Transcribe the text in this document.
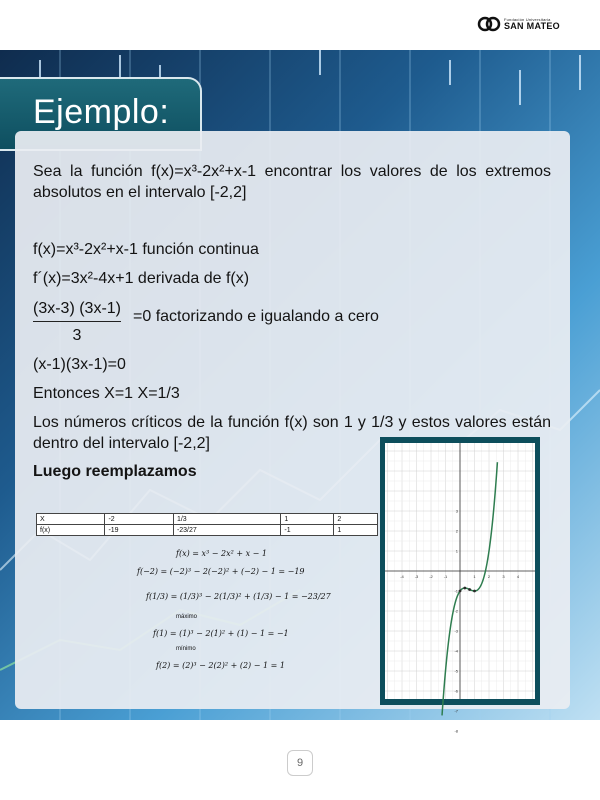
Fundación Universitaria
SAN MATEO
Ejemplo:
Sea la función f(x)=x³-2x²+x-1 encontrar los valores de los extremos absolutos en el intervalo [-2,2]
f(x)=x³-2x²+x-1 función continua
f´(x)=3x²-4x+1 derivada de f(x)
(3x-3) (3x-1)
3
=0 factorizando e igualando a cero
(x-1)(3x-1)=0
Entonces X=1 X=1/3
Los números críticos de la función f(x) son 1 y 1/3 y estos valores están dentro del intervalo [-2,2]
Luego reemplazamos
X	-2	1/3	1	2
f(x)	-19	-23/27	-1	1
f(x) = x³ − 2x² + x − 1
f(−2) = (−2)³ − 2(−2)² + (−2) − 1 = −19
f(1/3) = (1/3)³ − 2(1/3)² + (1/3) − 1 = −23/27
máximo
f(1) = (1)³ − 2(1)² + (1) − 1 = −1
mínimo
f(2) = (2)³ − 2(2)² + (2) − 1 = 1
-4	-3	-2	-1	1	2	3	4
3
2
1
-1
-2
-3
-4
-5
-6
-7
-8
9
